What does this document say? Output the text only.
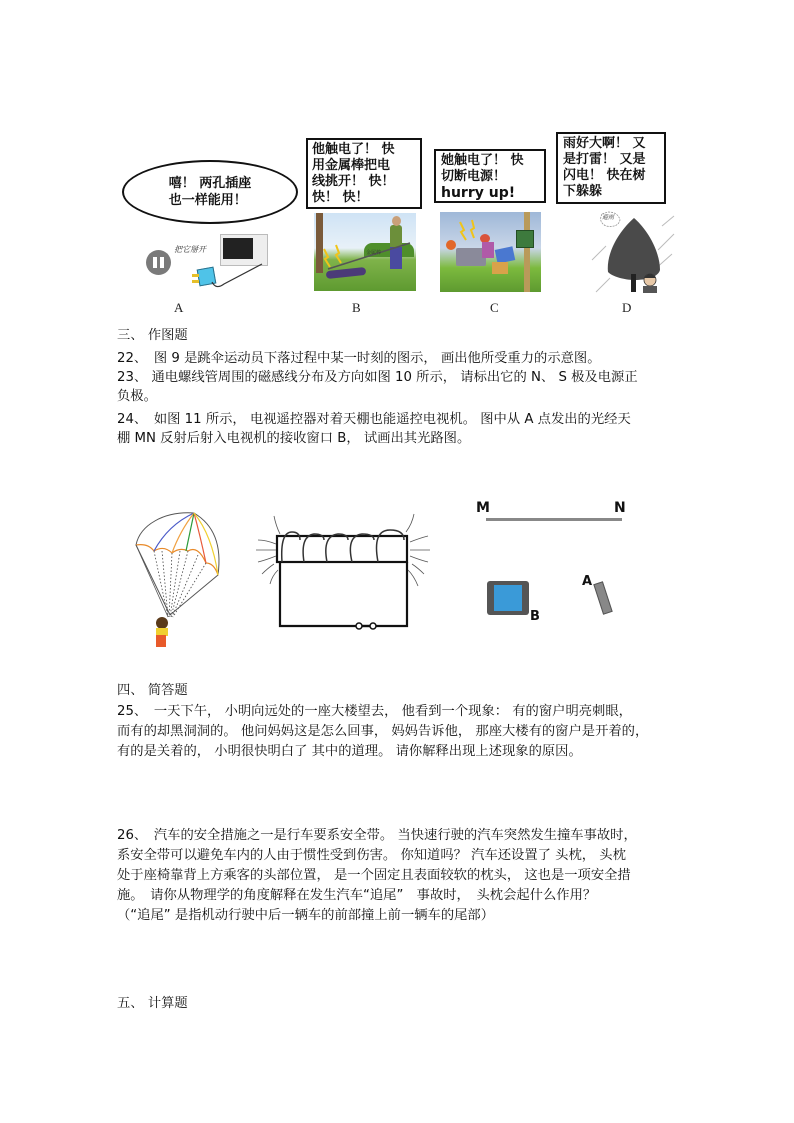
嘻！ 两孔插座
也一样能用！
把它掰开
A
他触电了！ 快
用金属棒把电
线挑开！ 快！
快！ 快！
金属棒
B
她触电了！ 快
切断电源！
hurry up!
C
雨好大啊！ 又
是打雷！ 又是
闪电！ 快在树
下躲躲
避雨
D
三、 作图题
22、　图 9 是跳伞运动员下落过程中某一时刻的图示， 画出他所受重力的示意图。
23、 通电螺线管周围的磁感线分布及方向如图 10 所示， 请标出它的 N、 S 极及电源正
负极。
24、　如图 11 所示， 电视遥控器对着天棚也能遥控电视机。 图中从 A 点发出的光经天
棚 MN 反射后射入电视机的接收窗口 B， 试画出其光路图。
M	N
B
A
四、 简答题
25、　一天下午， 小明向远处的一座大楼望去， 他看到一个现象： 有的窗户明亮刺眼，
而有的却黑洞洞的。 他问妈妈这是怎么回事， 妈妈告诉他， 那座大楼有的窗户是开着的，
有的是关着的， 小明很快明白了 其中的道理。 请你解释出现上述现象的原因。
26、　汽车的安全措施之一是行车要系安全带。 当快速行驶的汽车突然发生撞车事故时，
系安全带可以避免车内的人由于惯性受到伤害。 你知道吗？ 汽车还设置了 头枕， 头枕
处于座椅靠背上方乘客的头部位置， 是一个固定且表面较软的枕头， 这也是一项安全措
施。　请你从物理学的角度解释在发生汽车“追尾”　事故时，　头枕会起什么作用？
（“追尾” 是指机动行驶中后一辆车的前部撞上前一辆车的尾部）
五、 计算题
